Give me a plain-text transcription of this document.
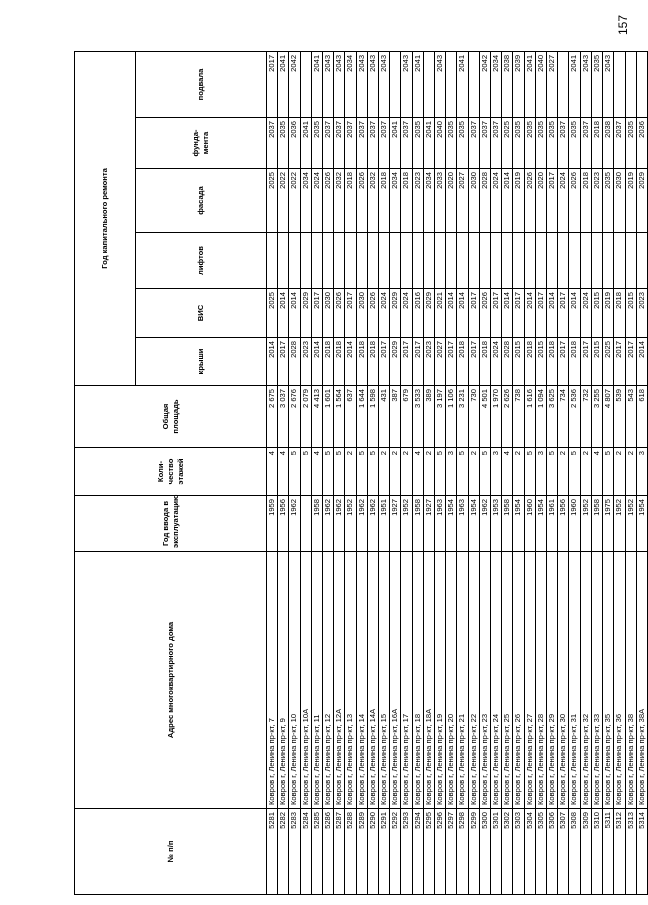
157
№ п/п	Адрес многоквартирного дома	Год ввода в эксплуатацию	Коли-чество этажей	Общая площадь	Год капитального ремонта					
					крыши	ВИС	лифтов	фасада	фунда-мента	подвала
5281	Ковров г, Ленина пр-кт, 7	1959	4	2 675	2014	2025		2025	2037	2017
5282	Ковров г, Ленина пр-кт, 9	1956	4	3 037	2017	2014		2022	2035	2041
5283	Ковров г, Ленина пр-кт, 10	1962	5	2 676	2028	2014		2022	2036	2042
5284	Ковров г, Ленина пр-кт, 10А		5	2 079	2023	2029		2034	2041	
5285	Ковров г, Ленина пр-кт, 11	1958	4	4 413	2014	2017		2024	2035	2041
5286	Ковров г, Ленина пр-кт, 12	1962	5	1 601	2018	2030		2026	2037	2043
5287	Ковров г, Ленина пр-кт, 12А	1962	5	1 564	2018	2026		2032	2037	2043
5288	Ковров г, Ленина пр-кт, 13	1952	2	637	2014	2017		2018	2037	2034
5289	Ковров г, Ленина пр-кт, 14	1962	5	1 644	2018	2030		2026	2037	2043
5290	Ковров г, Ленина пр-кт, 14А	1962	5	1 598	2018	2026		2032	2037	2043
5291	Ковров г, Ленина пр-кт, 15	1951	2	431	2017	2024		2018	2037	2043
5292	Ковров г, Ленина пр-кт, 16А	1927	2	387	2029	2029		2034	2041	
5293	Ковров г, Ленина пр-кт, 17	1952	2	679	2017	2024		2018	2037	2043
5294	Ковров г, Ленина пр-кт, 18	1958	4	3 533	2017	2016		2023	2035	2041
5295	Ковров г, Ленина пр-кт, 18А	1927	2	389	2023	2029		2034	2041	
5296	Ковров г, Ленина пр-кт, 19	1963	5	3 197	2027	2021		2033	2040	2043
5297	Ковров г, Ленина пр-кт, 20	1954	3	1 106	2017	2014		2020	2035	
5298	Ковров г, Ленина пр-кт, 21	1963	5	3 231	2018	2014		2027	2035	2041
5299	Ковров г, Ленина пр-кт, 22	1954	2	730	2017	2017		2030	2037	
5300	Ковров г, Ленина пр-кт, 23	1962	5	4 501	2018	2026		2028	2037	2042
5301	Ковров г, Ленина пр-кт, 24	1953	3	1 970	2024	2017		2024	2037	2034
5302	Ковров г, Ленина пр-кт, 25	1958	4	2 626	2028	2014		2014	2025	2038
5303	Ковров г, Ленина пр-кт, 26	1954	2	738	2015	2017		2019	2035	2039
5304	Ковров г, Ленина пр-кт, 27	1960	5	1 616	2018	2014		2026	2035	2041
5305	Ковров г, Ленина пр-кт, 28	1954	3	1 094	2015	2017		2020	2035	2040
5306	Ковров г, Ленина пр-кт, 29	1961	5	3 625	2018	2014		2017	2035	2027
5307	Ковров г, Ленина пр-кт, 30	1956	2	734	2017	2017		2024	2037	
5308	Ковров г, Ленина пр-кт, 31	1960	5	2 536	2018	2014		2026	2035	2041
5309	Ковров г, Ленина пр-кт, 32	1952	2	732	2017	2024		2018	2037	2043
5310	Ковров г, Ленина пр-кт, 33	1958	4	3 255	2015	2015		2023	2018	2035
5311	Ковров г, Ленина пр-кт, 35	1975	5	4 807	2025	2019		2035	2038	2043
5312	Ковров г, Ленина пр-кт, 36	1952	2	539	2017	2018		2030	2037	
5313	Ковров г, Ленина пр-кт, 38	1952	2	543	2017	2015		2019	2035	
5314	Ковров г, Ленина пр-кт, 38А	1954	3	618	2014	2023		2029	2036	
